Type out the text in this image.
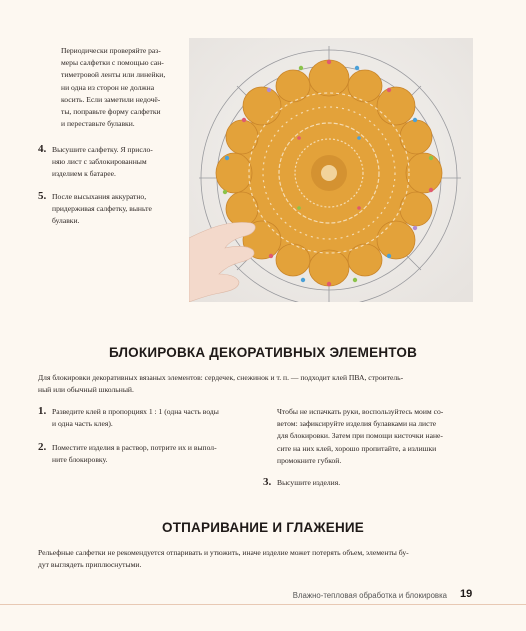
Периодически проверяйте раз-
меры салфетки с помощью сан-
тиметровой ленты или линейки,
ни одна из сторон не должна
косить. Если заметили недочё-
ты, поправьте форму салфетки
и переставьте булавки.
4. Высушите салфетку. Я присло-
няю лист с заблокированным
изделием к батарее.
5. После высыхания аккуратно,
придерживая салфетку, выньте
булавки.
БЛОКИРОВКА ДЕКОРАТИВНЫХ ЭЛЕМЕНТОВ
Для блокировки декоративных вязаных элементов: сердечек, снежинок и т. п. — подходит клей ПВА, строитель-
ный или обычный школьный.
1. Разведите клей в пропорциях 1 : 1 (одна часть воды
и одна часть клея).
2. Поместите изделия в раствор, потрите их и выпол-
ните блокировку.
Чтобы не испачкать руки, воспользуйтесь моим со-
ветом: зафиксируйте изделия булавками на листе
для блокировки. Затем при помощи кисточки нане-
сите на них клей, хорошо пропитайте, а излишки
промокните губкой.
3. Высушите изделия.
ОТПАРИВАНИЕ И ГЛАЖЕНИЕ
Рельефные салфетки не рекомендуется отпаривать и утюжить, иначе изделие может потерять объем, элементы бу-
дут выглядеть приплюснутыми.
Влажно-тепловая обработка и блокировка 19
